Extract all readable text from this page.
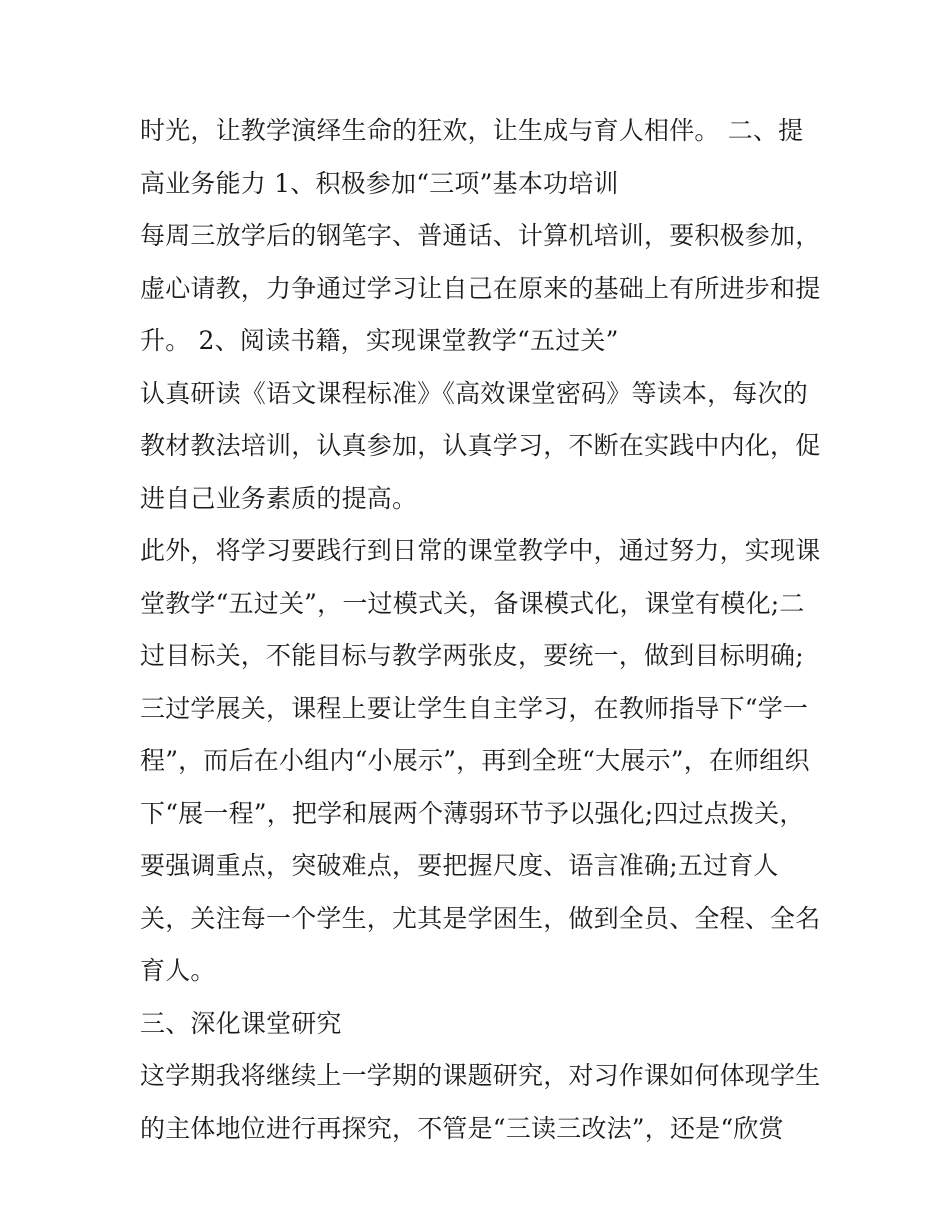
时光，让教学演绎生命的狂欢，让生成与育人相伴。 二、提
高业务能力 1、积极参加“三项”基本功培训
每周三放学后的钢笔字、普通话、计算机培训，要积极参加，
虚心请教，力争通过学习让自己在原来的基础上有所进步和提
升。 2、阅读书籍，实现课堂教学“五过关”
认真研读《语文课程标准》《高效课堂密码》等读本，每次的
教材教法培训，认真参加，认真学习，不断在实践中内化，促
进自己业务素质的提高。
此外，将学习要践行到日常的课堂教学中，通过努力，实现课
堂教学“五过关”，一过模式关，备课模式化，课堂有模化;二
过目标关，不能目标与教学两张皮，要统一，做到目标明确;
三过学展关，课程上要让学生自主学习，在教师指导下“学一
程”，而后在小组内“小展示”，再到全班“大展示”，在师组织
下“展一程”，把学和展两个薄弱环节予以强化;四过点拨关，
要强调重点，突破难点，要把握尺度、语言准确;五过育人
关，关注每一个学生，尤其是学困生，做到全员、全程、全名
育人。
三、深化课堂研究
这学期我将继续上一学期的课题研究，对习作课如何体现学生
的主体地位进行再探究，不管是“三读三改法”，还是“欣赏
